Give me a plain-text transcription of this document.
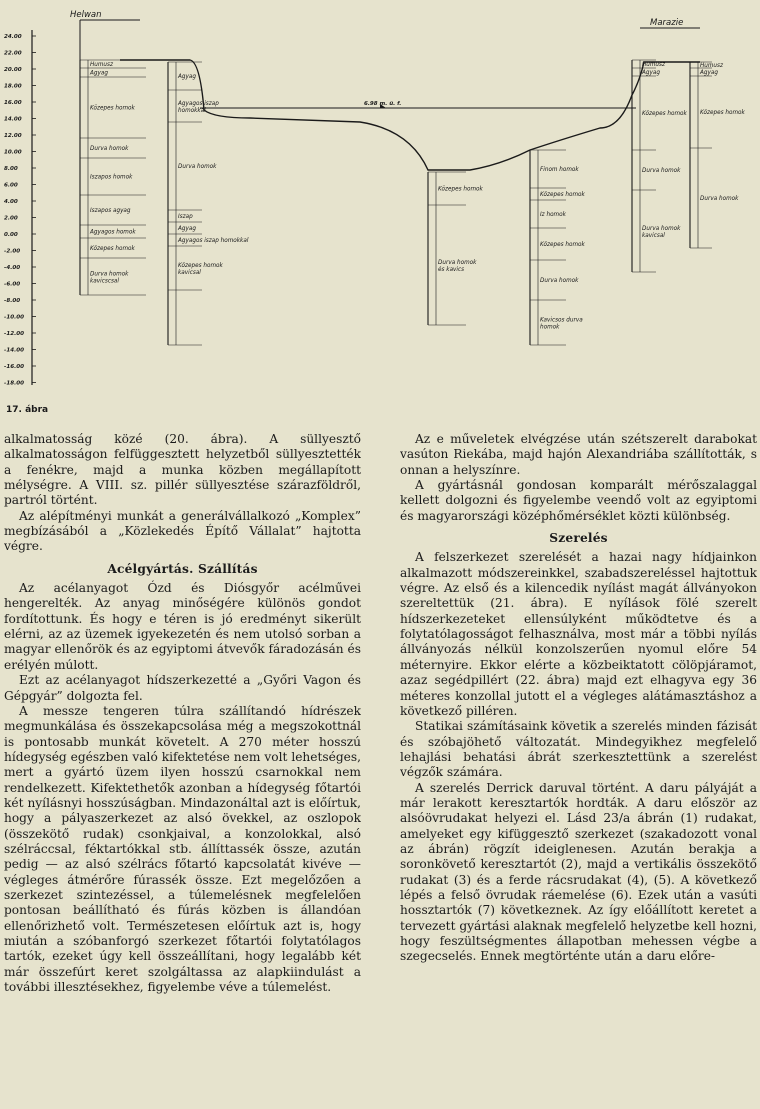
24.00
22.00
20.00
18.00
16.00
14.00
12.00
10.00
8.00
6.00
4.00
2.00
0.00
-2.00
-4.00
-6.00
-8.00
-10.00
-12.00
-14.00
-16.00
-18.00
Helwan
Marazie
6.98 m. ü. f.
Humusz
Agyag
Közepes homok
Durva homok
Iszapos homok
Iszapos agyag
Agyagos homok
Közepes homok
Durva homok kavicscsal
Agyag
Agyagos iszap homokkal
Durva homok
Iszap
Agyag
Agyagos iszap homokkal
Közepes homok kavicsal
Közepes homok
Durva homok és kavics
Finom homok
Közepes homok
Iz homok
Közepes homok
Durva homok
Kavicsos durva homok
Humusz
Agyag
Közepes homok
Durva homok
Durva homok kavicsal
Humusz
Agyag
Közepes homok
Durva homok
17. ábra

alkalmatosság közé (20. ábra). A süllyesztő alkalmatosságon felfüggesztett helyzetből süllyesztették a fenékre, majd a munka közben megállapított mélységre. A VIII. sz. pillér süllyesztése szárazföldről, partról történt.

Az alépítményi munkát a generálvállalkozó „Komplex” megbízásából a „Közlekedés Építő Vállalat” hajtotta végre.

Acélgyártás. Szállítás

Az acélanyagot Ózd és Diósgyőr acélművei hengerelték. Az anyag minőségére különös gondot fordítottunk. És hogy e téren is jó eredményt sikerült elérni, az az üzemek igyekezetén és nem utolsó sorban a magyar ellenőrök és az egyiptomi átvevők fáradozásán és erélyén múlott.

Ezt az acélanyagot hídszerkezetté a „Győri Vagon és Gépgyár” dolgozta fel.

A messze tengeren túlra szállítandó hídrészek megmunkálása és összekapcsolása még a megszokottnál is pontosabb munkát követelt. A 270 méter hosszú hídegység egészben való kifektetése nem volt lehetséges, mert a gyártó üzem ilyen hosszú csarnokkal nem rendelkezett. Kifektethetők azonban a hídegység főtartói két nyílásnyi hosszúságban. Mindazonáltal azt is előírtuk, hogy a pályaszerkezet az alsó övekkel, az oszlopok (összekötő rudak) csonkjaival, a konzolokkal, alsó szélráccsal, féktartókkal stb. állíttassék össze, azután pedig — az alsó szélrács főtartó kapcsolatát kivéve — végleges átmérőre fúrassék össze. Ezt megelőzően a szerkezet szintezéssel, a túlemelésnek megfelelően pontosan beállítható és fúrás közben is állandóan ellenőrizhető volt. Természetesen előírtuk azt is, hogy miután a szóbanforgó szerkezet főtartói folytatólagos tartók, ezeket úgy kell összeállítani, hogy legalább két már összefúrt keret szolgáltassa az alapkiindulást a további illesztésekhez, figyelembe véve a túlemelést.

Az e műveletek elvégzése után szétszerelt darabokat vasúton Riekába, majd hajón Alexandriába szállították, s onnan a helyszínre.

A gyártásnál gondosan komparált mérőszalaggal kellett dolgozni és figyelembe veendő volt az egyiptomi és magyarországi középhőmérséklet közti különbség.

Szerelés

A felszerkezet szerelését a hazai nagy hídjainkon alkalmazott módszereinkkel, szabadszereléssel hajtottuk végre. Az első és a kilencedik nyílást magát állványokon szereltettük (21. ábra). E nyílások fölé szerelt hídszerkezeteket ellensúlyként működtetve és a folytatólagosságot felhasználva, most már a többi nyílás állványozás nélkül konzolszerűen nyomul előre 54 méternyire. Ekkor elérte a közbeiktatott cölöpjáramot, azaz segédpillért (22. ábra) majd ezt elhagyva egy 36 méteres konzollal jutott el a végleges alátámasztáshoz a következő pilléren.

Statikai számításaink követik a szerelés minden fázisát és szóbajöhető változatát. Mindegyikhez megfelelő lehajlási behatási ábrát szerkesztettünk a szerelést végzők számára.

A szerelés Derrick daruval történt. A daru pályáját a már lerakott keresztartók hordták. A daru először az alsóövrudakat helyezi el. Lásd 23/a ábrán (1) rudakat, amelyeket egy kifüggesztő szerkezet (szakadozott vonal az ábrán) rögzít ideiglenesen. Azután berakja a soronkövető keresztartót (2), majd a vertikális összekötő rudakat (3) és a ferde rácsrudakat (4), (5). A következő lépés a felső övrudak ráemelése (6). Ezek után a vasúti hossztartók (7) következnek. Az így előállított keretet a tervezett gyártási alaknak megfelelő helyzetbe kell hozni, hogy feszültségmentes állapotban mehessen végbe a szegecselés. Ennek megtörténte után a daru előre-
